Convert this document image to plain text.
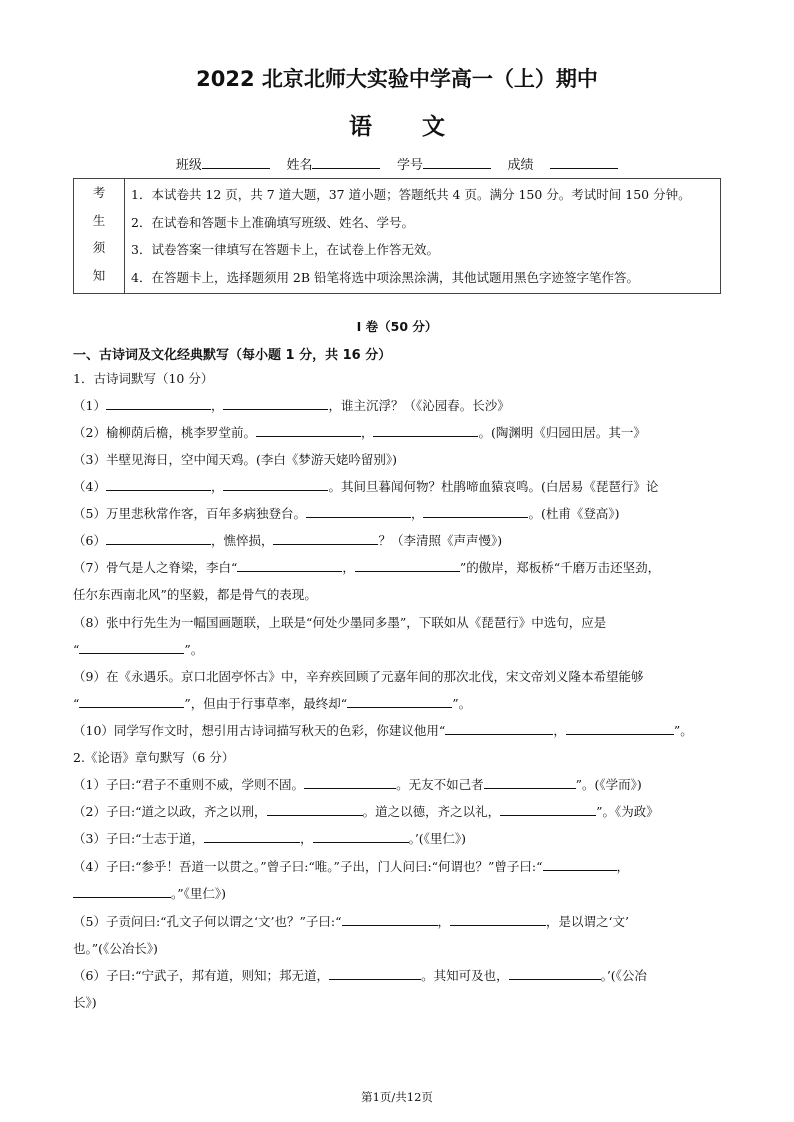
2022 北京北师大实验中学高一（上）期中
语 文
班级	姓名	学号	成绩
考
生
须
知

1．本试卷共 12 页，共 7 道大题，37 道小题；答题纸共 4 页。满分 150 分。考试时间 150 分钟。
2．在试卷和答题卡上准确填写班级、姓名、学号。
3．试卷答案一律填写在答题卡上，在试卷上作答无效。
4．在答题卡上，选择题须用 2B 铅笔将选中项涂黑涂满，其他试题用黑色字迹签字笔作答。
I 卷（50 分）
一、古诗词及文化经典默写（每小题 1 分，共 16 分）
1．古诗词默写（10 分）
（1）	，	，谁主沉浮？（《沁园春。长沙》
（2）榆柳荫后檐，桃李罗堂前。	，	。(陶渊明《归园田居。其一》
（3）半壁见海日，空中闻天鸡。(李白《梦游天姥吟留别》)
（4）	，	。其间旦暮闻何物？杜鹃啼血猿哀鸣。(白居易《琵琶行》论
（5）万里悲秋常作客，百年多病独登台。	，	。(杜甫《登高》)
（6）	，憔悴损，	？（李清照《声声慢》)
（7）骨气是人之脊梁，李白“	，	”的傲岸，郑板桥“千磨万击还坚劲，
任尔东西南北风”的坚毅，都是骨气的表现。
（8）张中行先生为一幅国画题联，上联是“何处少墨同多墨”，下联如从《琵琶行》中选句，应是
“	”。
（9）在《永遇乐。京口北固亭怀古》中，辛弃疾回顾了元嘉年间的那次北伐，宋文帝刘义隆本希望能够
“	”，但由于行事草率，最终却“	”。
（10）同学写作文时，想引用古诗词描写秋天的色彩，你建议他用“	，	”。
2.《论语》章句默写（6 分）
（1）子曰:“君子不重则不威，学则不固。	。无友不如己者	”。(《学而》)
（2）子曰:“道之以政，齐之以刑，	。道之以德，齐之以礼，	”。《为政》
（3）子曰:“士志于道，	，	。’(《里仁》)
（4）子曰:“参乎！吾道一以贯之。”曾子曰:“唯。”子出，门人问曰:“何谓也？”曾子曰:“	，
。”《里仁》)
（5）子贡问曰:“孔文子何以谓之‘文’也？”子曰:“	，	，是以谓之‘文’
也。”(《公冶长》)
（6）子曰:“宁武子，邦有道，则知；邦无道，	。其知可及也，	。’(《公冶
长》)
第1页/共12页
